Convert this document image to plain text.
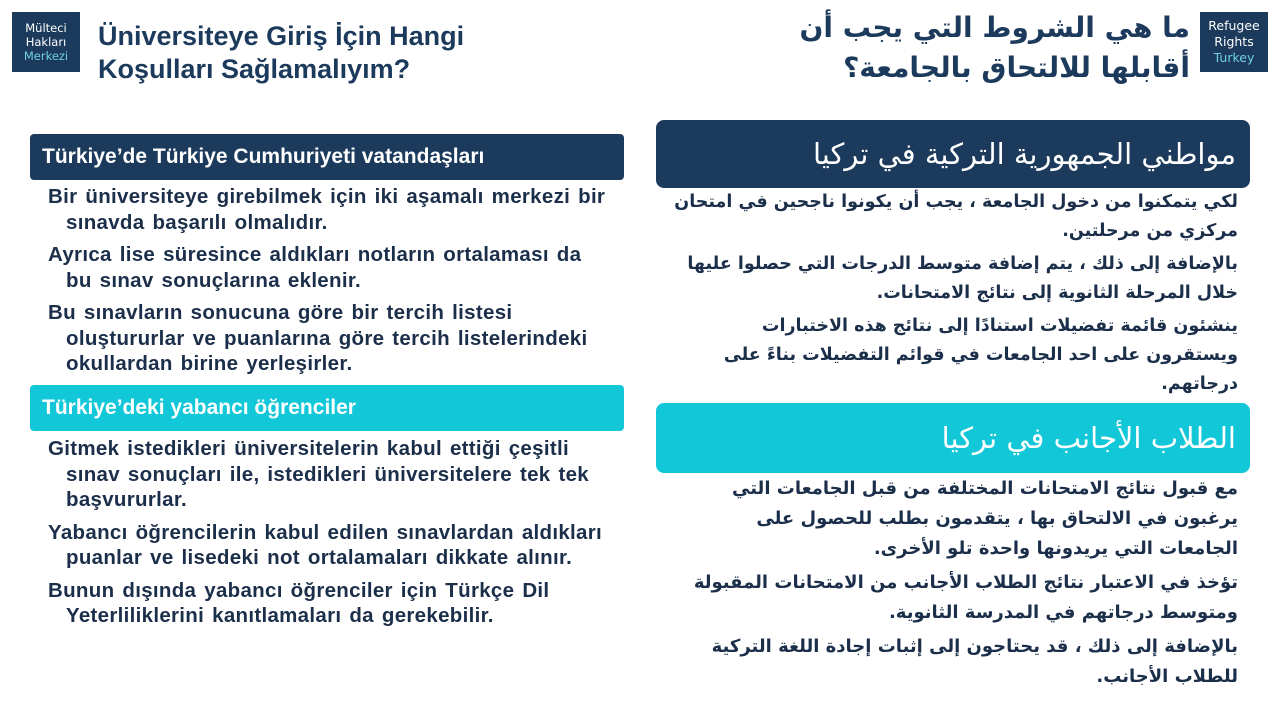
Mülteci
Hakları
Merkezi
Üniversiteye Giriş İçin Hangi Koşulları Sağlamalıyım?
ما هي الشروط التي يجب أن أقابلها للالتحاق بالجامعة؟
Refugee
Rights
Turkey
Türkiye’de Türkiye Cumhuriyeti vatandaşları
Bir üniversiteye girebilmek için iki aşamalı merkezi bir sınavda başarılı olmalıdır.
Ayrıca lise süresince aldıkları notların ortalaması da bu sınav sonuçlarına eklenir.
Bu sınavların sonucuna göre bir tercih listesi oluştururlar ve puanlarına göre tercih listelerindeki okullardan birine yerleşirler.
Türkiye’deki yabancı öğrenciler
Gitmek istedikleri üniversitelerin kabul ettiği çeşitli sınav sonuçları ile, istedikleri üniversitelere tek tek başvururlar.
Yabancı öğrencilerin kabul edilen sınavlardan aldıkları puanlar ve lisedeki not ortalamaları dikkate alınır.
Bunun dışında yabancı öğrenciler için Türkçe Dil Yeterliliklerini kanıtlamaları da gerekebilir.
مواطني الجمهورية التركية في تركيا
لكي يتمكنوا من دخول الجامعة ، يجب أن يكونوا ناجحين في امتحان مركزي من مرحلتين.
بالإضافة إلى ذلك ، يتم إضافة متوسط الدرجات التي حصلوا عليها خلال المرحلة الثانوية إلى نتائج الامتحانات.
ينشئون قائمة تفضيلات استنادًا إلى نتائج هذه الاختبارات ويستقرون على احد الجامعات في قوائم التفضيلات بناءً على درجاتهم.
الطلاب الأجانب في تركيا
مع قبول نتائج الامتحانات المختلفة من قبل الجامعات التي يرغبون في الالتحاق بها ، يتقدمون بطلب للحصول على الجامعات التي يريدونها واحدة تلو الأخرى.
تؤخذ في الاعتبار نتائج الطلاب الأجانب من الامتحانات المقبولة ومتوسط درجاتهم في المدرسة الثانوية.
بالإضافة إلى ذلك ، قد يحتاجون إلى إثبات إجادة اللغة التركية للطلاب الأجانب.
